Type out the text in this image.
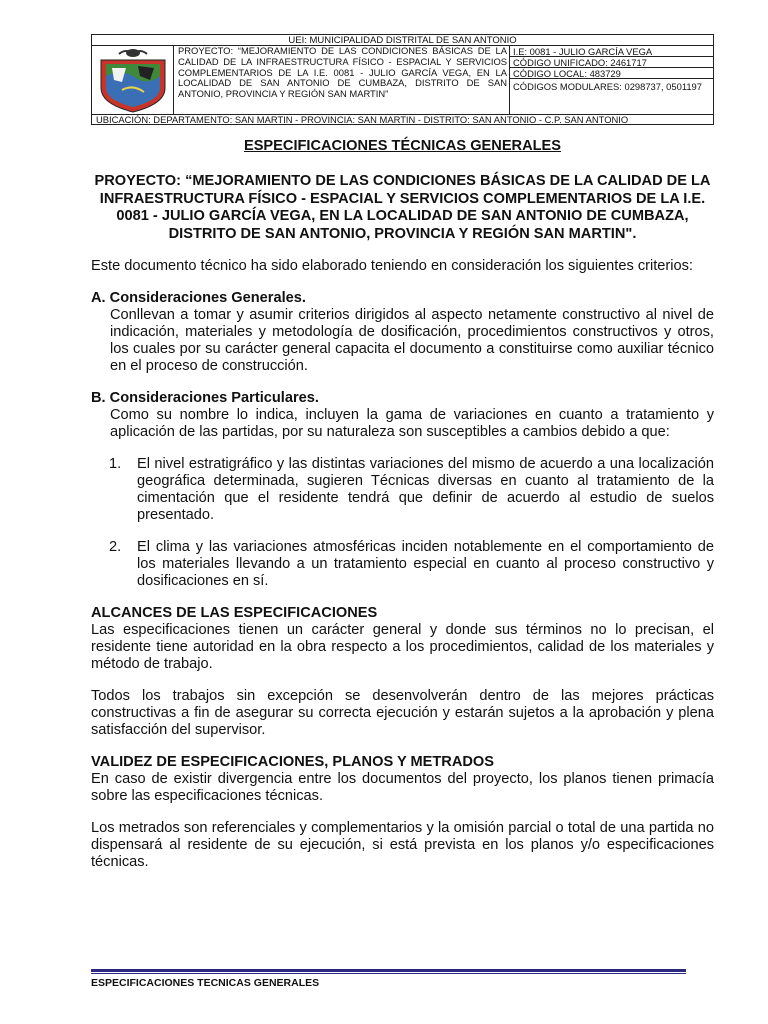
UEI: MUNICIPALIDAD DISTRITAL DE SAN ANTONIO
PROYECTO: “MEJORAMIENTO DE LAS CONDICIONES BÁSICAS DE LA CALIDAD DE LA INFRAESTRUCTURA FÍSICO - ESPACIAL Y SERVICIOS COMPLEMENTARIOS DE LA I.E. 0081 - JULIO GARCÍA VEGA, EN LA LOCALIDAD DE SAN ANTONIO DE CUMBAZA, DISTRITO DE SAN ANTONIO, PROVINCIA Y REGIÓN SAN MARTIN”
I.E: 0081 - JULIO GARCÍA VEGA
CÓDIGO UNIFICADO: 2461717
CÓDIGO LOCAL: 483729
CÓDIGOS MODULARES: 0298737, 0501197
UBICACIÓN: DEPARTAMENTO: SAN MARTIN - PROVINCIA: SAN MARTIN - DISTRITO: SAN ANTONIO - C.P. SAN ANTONIO

ESPECIFICACIONES TÉCNICAS GENERALES

PROYECTO: “MEJORAMIENTO DE LAS CONDICIONES BÁSICAS DE LA CALIDAD DE LA INFRAESTRUCTURA FÍSICO - ESPACIAL Y SERVICIOS COMPLEMENTARIOS DE LA I.E. 0081 - JULIO GARCÍA VEGA, EN LA LOCALIDAD DE SAN ANTONIO DE CUMBAZA, DISTRITO DE SAN ANTONIO, PROVINCIA Y REGIÓN SAN MARTIN".

Este documento técnico ha sido elaborado teniendo en consideración los siguientes criterios:

A. Consideraciones Generales.

Conllevan a tomar y asumir criterios dirigidos al aspecto netamente constructivo al nivel de indicación, materiales y metodología de dosificación, procedimientos constructivos y otros, los cuales por su carácter general capacita el documento a constituirse como auxiliar técnico en el proceso de construcción.

B. Consideraciones Particulares.

Como su nombre lo indica, incluyen la gama de variaciones en cuanto a tratamiento y aplicación de las partidas, por su naturaleza son susceptibles a cambios debido a que:

1. El nivel estratigráfico y las distintas variaciones del mismo de acuerdo a una localización geográfica determinada, sugieren Técnicas diversas en cuanto al tratamiento de la cimentación que el residente tendrá que definir de acuerdo al estudio de suelos presentado.
2. El clima y las variaciones atmosféricas inciden notablemente en el comportamiento de los materiales llevando a un tratamiento especial en cuanto al proceso constructivo y dosificaciones en sí.

ALCANCES DE LAS ESPECIFICACIONES

Las especificaciones tienen un carácter general y donde sus términos no lo precisan, el residente tiene autoridad en la obra respecto a los procedimientos, calidad de los materiales y método de trabajo.

Todos los trabajos sin excepción se desenvolverán dentro de las mejores prácticas constructivas a fin de asegurar su correcta ejecución y estarán sujetos a la aprobación y plena satisfacción del supervisor.

VALIDEZ DE ESPECIFICACIONES, PLANOS Y METRADOS

En caso de existir divergencia entre los documentos del proyecto, los planos tienen primacía sobre las especificaciones técnicas.

Los metrados son referenciales y complementarios y la omisión parcial o total de una partida no dispensará al residente de su ejecución, si está prevista en los planos y/o especificaciones técnicas.

ESPECIFICACIONES TECNICAS GENERALES
